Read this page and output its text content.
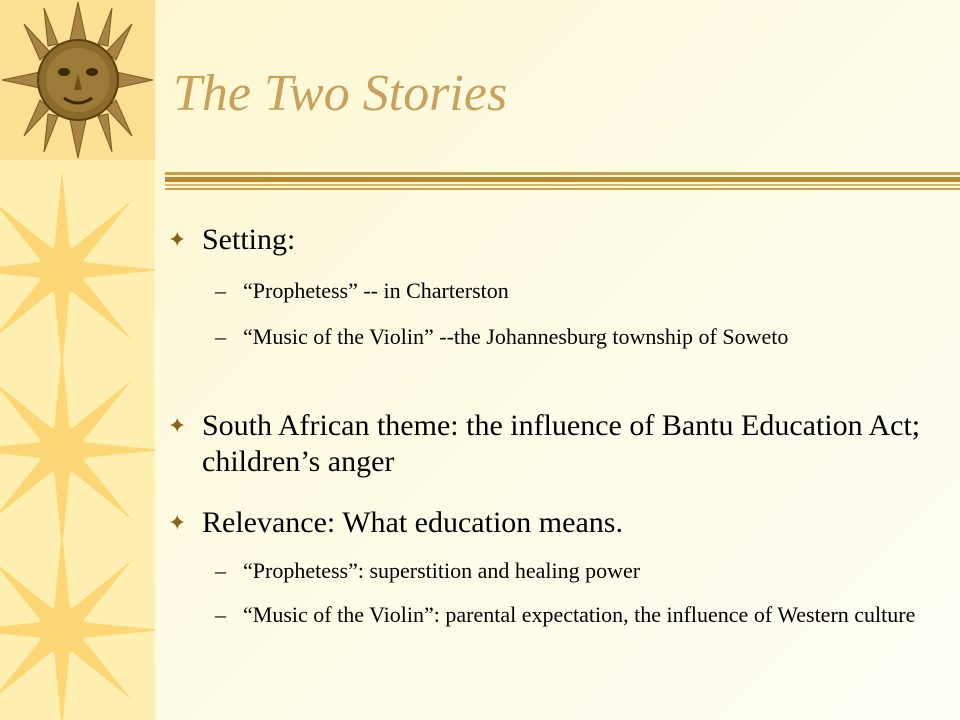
The Two Stories
✦ Setting:
– “Prophetess” -- in Charterston
– “Music of the Violin” --the Johannesburg township of Soweto
✦ South African theme: the influence of Bantu Education Act; children’s anger
✦ Relevance: What education means.
– “Prophetess”: superstition and healing power
– “Music of the Violin”: parental expectation, the influence of Western culture
